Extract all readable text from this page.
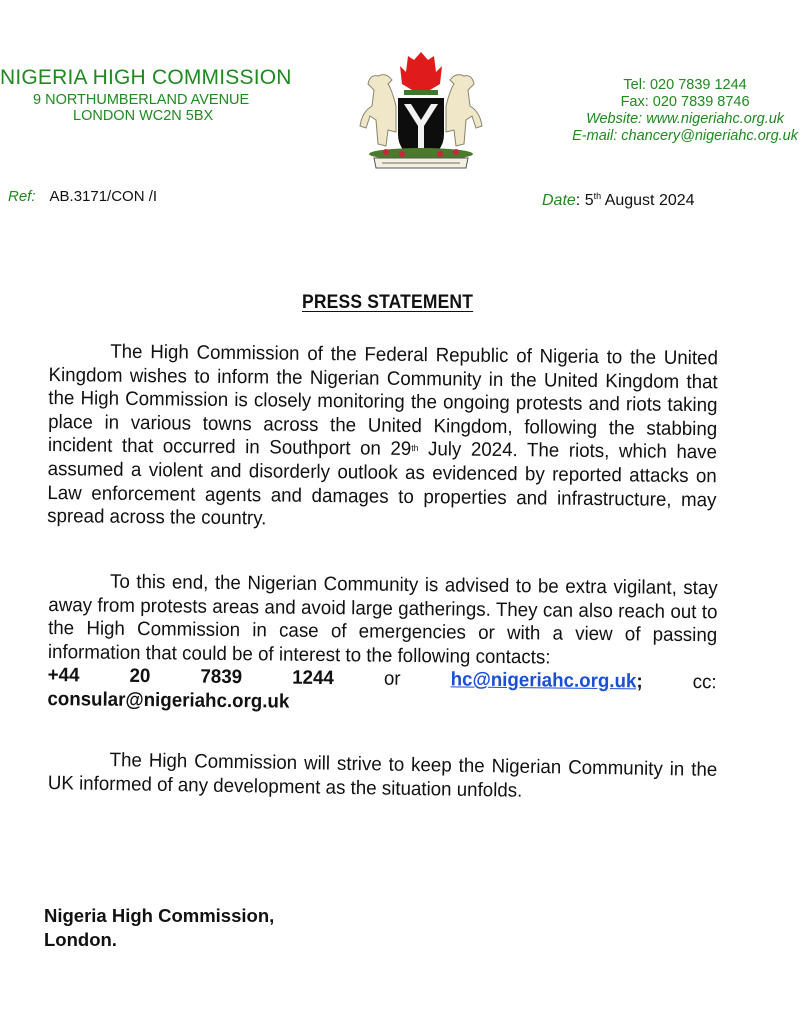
NIGERIA HIGH COMMISSION
9 NORTHUMBERLAND AVENUE
LONDON WC2N 5BX
Tel: 020 7839 1244
Fax: 020 7839 8746
Website: www.nigeriahc.org.uk
E-mail: chancery@nigeriahc.org.uk
Ref: AB.3171/CON /I	Date: 5th August 2024
PRESS STATEMENT
The High Commission of the Federal Republic of Nigeria to the United Kingdom wishes to inform the Nigerian Community in the United Kingdom that the High Commission is closely monitoring the ongoing protests and riots taking place in various towns across the United Kingdom, following the stabbing incident that occurred in Southport on 29th July 2024. The riots, which have assumed a violent and disorderly outlook as evidenced by reported attacks on Law enforcement agents and damages to properties and infrastructure, may spread across the country.
To this end, the Nigerian Community is advised to be extra vigilant, stay away from protests areas and avoid large gatherings. They can also reach out to the High Commission in case of emergencies or with a view of passing information that could be of interest to the following contacts:
+44	20	7839	1244	or	hc@nigeriahc.org.uk;	cc:
consular@nigeriahc.org.uk
The High Commission will strive to keep the Nigerian Community in the UK informed of any development as the situation unfolds.
Nigeria High Commission,
London.
